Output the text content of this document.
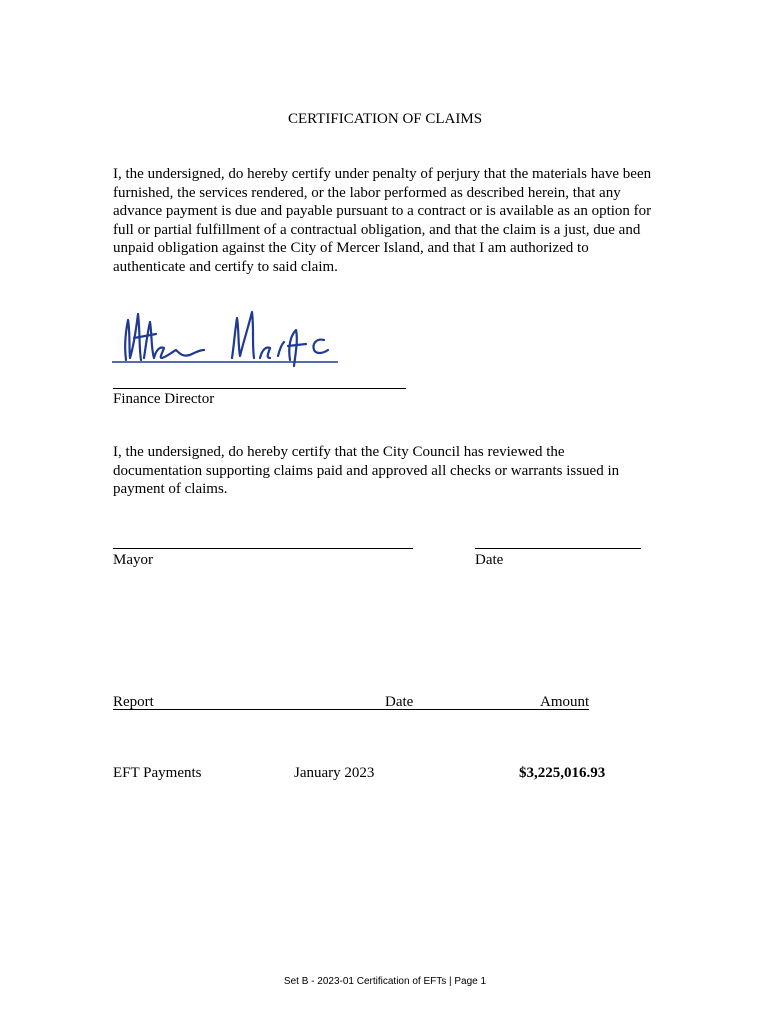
CERTIFICATION OF CLAIMS
I, the undersigned, do hereby certify under penalty of perjury that the materials have been
furnished, the services rendered, or the labor performed as described herein, that any
advance payment is due and payable pursuant to a contract or is available as an option for
full or partial fulfillment of a contractual obligation, and that the claim is a just, due and
unpaid obligation against the City of Mercer Island, and that I am authorized to
authenticate and certify to said claim.
Finance Director
I, the undersigned, do hereby certify that the City Council has reviewed the
documentation supporting claims paid and approved all checks or warrants issued in
payment of claims.
Mayor	Date
Report	Date	Amount
EFT Payments	January 2023	$3,225,016.93
Set B - 2023-01 Certification of EFTs | Page 1
